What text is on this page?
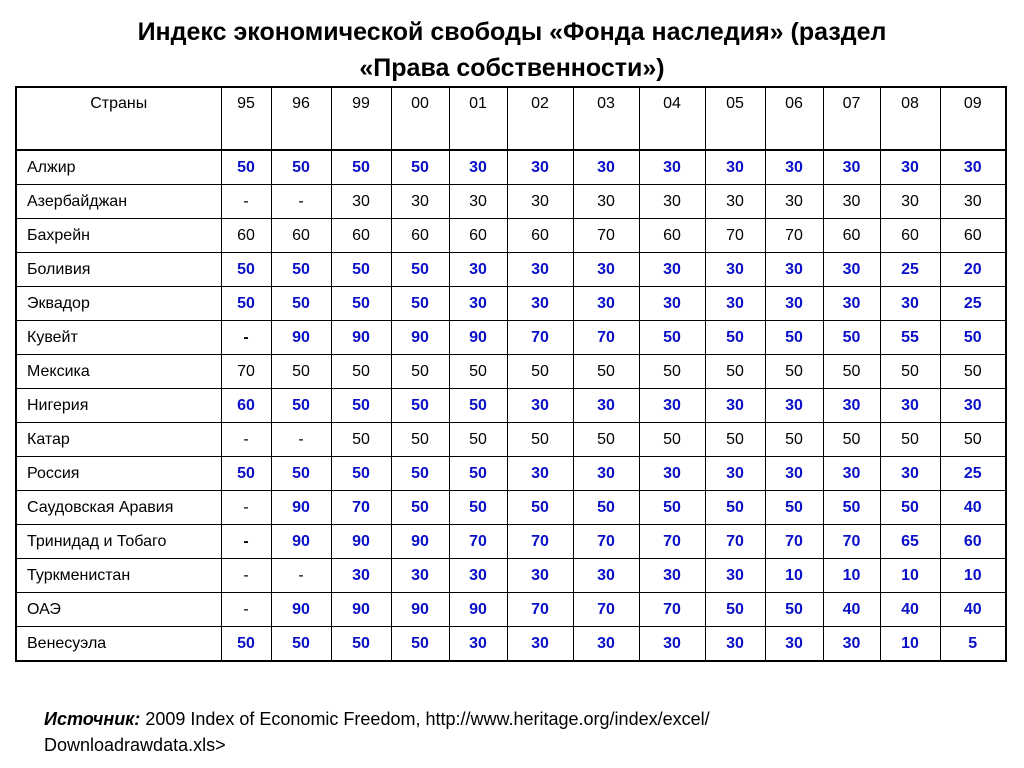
Индекс экономической свободы «Фонда наследия» (раздел
«Права собственности»)
Страны	95	96	99	00	01	02	03	04	05	06	07	08	09
Алжир	50	50	50	50	30	30	30	30	30	30	30	30	30
Азербайджан	-	-	30	30	30	30	30	30	30	30	30	30	30
Бахрейн	60	60	60	60	60	60	70	60	70	70	60	60	60
Боливия	50	50	50	50	30	30	30	30	30	30	30	25	20
Эквадор	50	50	50	50	30	30	30	30	30	30	30	30	25
Кувейт	-	90	90	90	90	70	70	50	50	50	50	55	50
Мексика	70	50	50	50	50	50	50	50	50	50	50	50	50
Нигерия	60	50	50	50	50	30	30	30	30	30	30	30	30
Катар	-	-	50	50	50	50	50	50	50	50	50	50	50
Россия	50	50	50	50	50	30	30	30	30	30	30	30	25
Саудовская Аравия	-	90	70	50	50	50	50	50	50	50	50	50	40
Тринидад и Тобаго	-	90	90	90	70	70	70	70	70	70	70	65	60
Туркменистан	-	-	30	30	30	30	30	30	30	10	10	10	10
ОАЭ	-	90	90	90	90	70	70	70	50	50	40	40	40
Венесуэла	50	50	50	50	30	30	30	30	30	30	30	10	5
Источник: 2009 Index of Economic Freedom, http://www.heritage.org/index/excel/
Downloadrawdata.xls>
